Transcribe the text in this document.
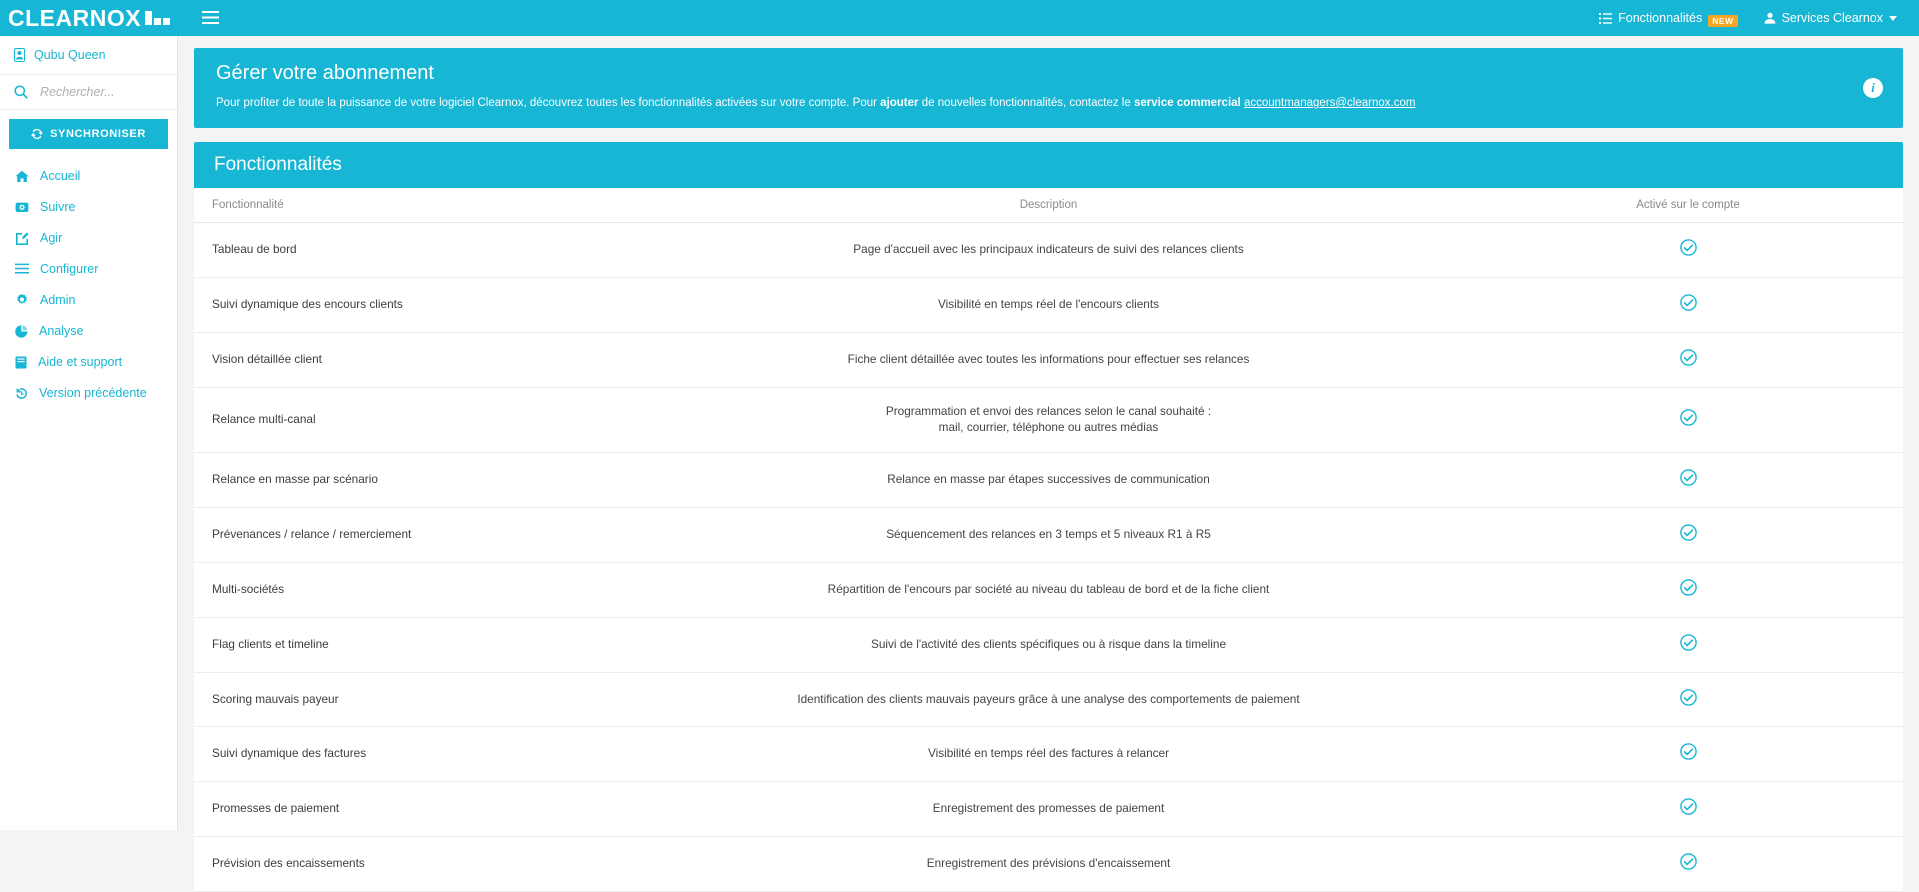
CLEARNOX	Fonctionnalités	NEW	Services Clearnox
Qubu Queen
Rechercher...
SYNCHRONISER
Accueil
Suivre
Agir
Configurer
Admin
Analyse
Aide et support
Version précédente
Gérer votre abonnement

Pour profiter de toute la puissance de votre logiciel Clearnox, découvrez toutes les fonctionnalités activées sur votre compte. Pour ajouter de nouvelles fonctionnalités, contactez le service commercial accountmanagers@clearnox.com

i
Fonctionnalités
Fonctionnalité	Description	Activé sur le compte
Tableau de bord	Page d'accueil avec les principaux indicateurs de suivi des relances clients	

Suivi dynamique des encours clients	Visibilité en temps réel de l'encours clients	

Vision détaillée client	Fiche client détaillée avec toutes les informations pour effectuer ses relances	

Relance multi-canal	Programmation et envoi des relances selon le canal souhaité :
mail, courrier, téléphone ou autres médias	

Relance en masse par scénario	Relance en masse par étapes successives de communication	

Prévenances / relance / remerciement	Séquencement des relances en 3 temps et 5 niveaux R1 à R5	

Multi-sociétés	Répartition de l'encours par société au niveau du tableau de bord et de la fiche client	

Flag clients et timeline	Suivi de l'activité des clients spécifiques ou à risque dans la timeline	

Scoring mauvais payeur	Identification des clients mauvais payeurs grâce à une analyse des comportements de paiement	

Suivi dynamique des factures	Visibilité en temps réel des factures à relancer	

Promesses de paiement	Enregistrement des promesses de paiement	

Prévision des encaissements	Enregistrement des prévisions d'encaissement	
